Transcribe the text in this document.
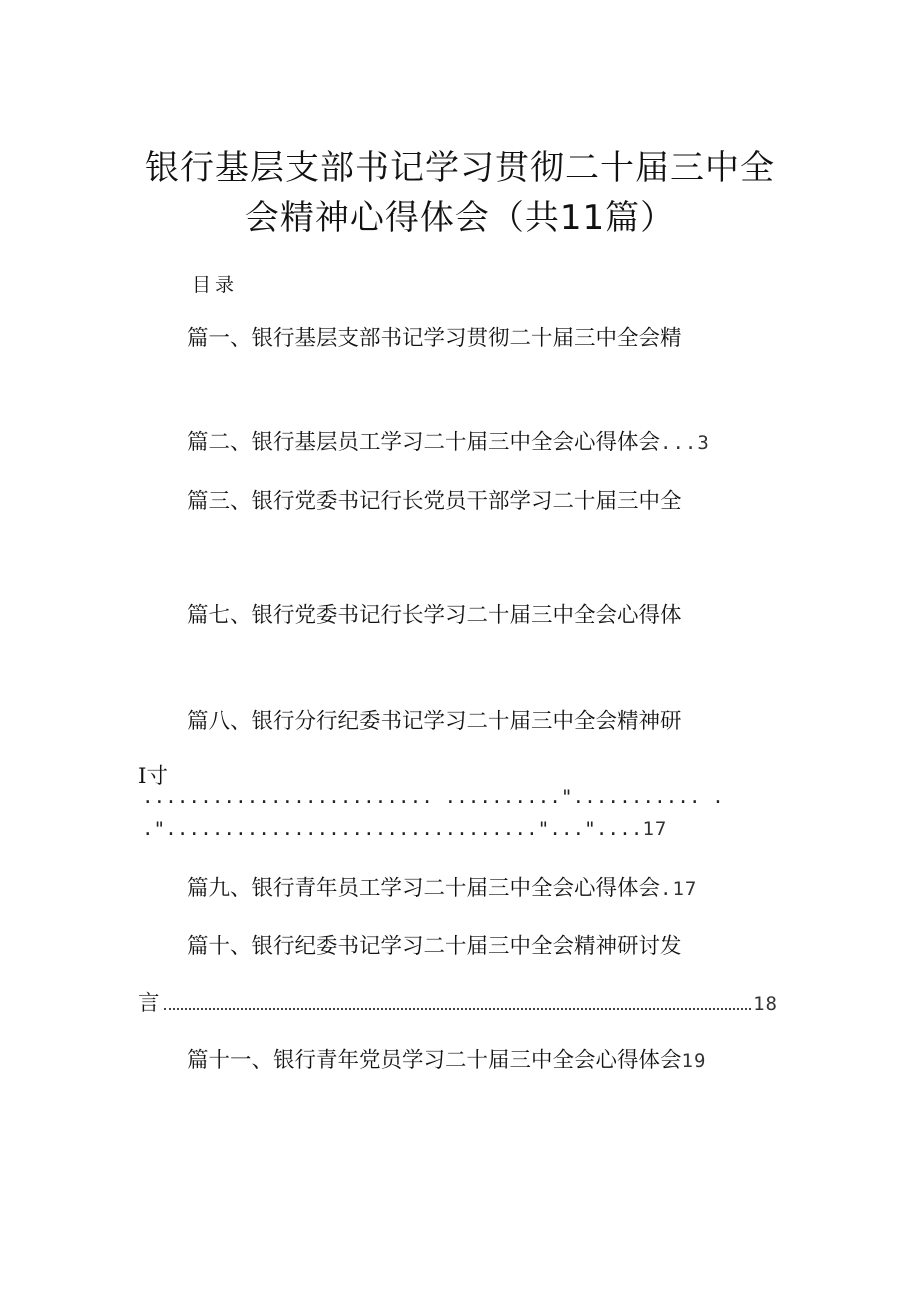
银行基层支部书记学习贯彻二十届三中全
会精神心得体会（共11篇）
目录
篇一、银行基层支部书记学习贯彻二十届三中全会精
篇二、银行基层员工学习二十届三中全会心得体会...3
篇三、银行党委书记行长党员干部学习二十届三中全
篇七、银行党委书记行长学习二十届三中全会心得体
篇八、银行分行纪委书记学习二十届三中全会精神研
I寸
......................... .........."........... .
."................................"..."....17
篇九、银行青年员工学习二十届三中全会心得体会.17
篇十、银行纪委书记学习二十届三中全会精神研讨发
言	18
篇十一、银行青年党员学习二十届三中全会心得体会19
